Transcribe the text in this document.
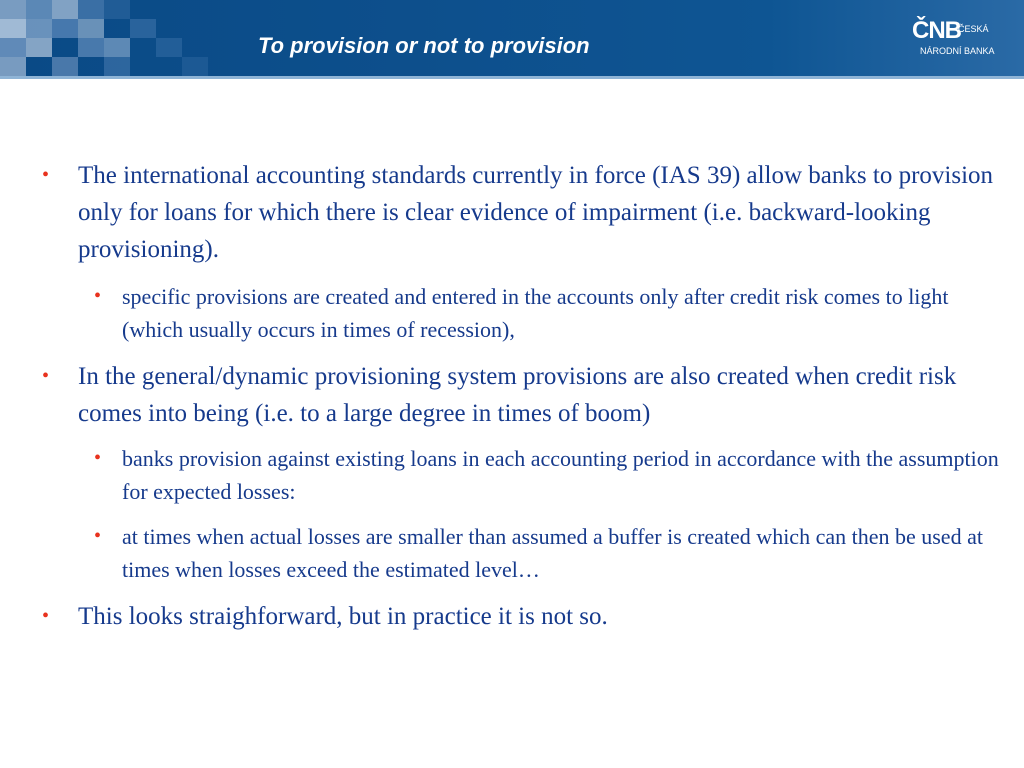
To provision or not to provision
ČNB
ČESKÁ
NÁRODNÍ BANKA
• The international accounting standards currently in force (IAS 39) allow banks to provision only for loans for which there is clear evidence of impairment (i.e. backward-looking provisioning).
• specific provisions are created and entered in the accounts only after credit risk comes to light (which usually occurs in times of recession),
• In the general/dynamic provisioning system provisions are also created when credit risk comes into being (i.e. to a large degree in times of boom)
• banks provision against existing loans in each accounting period in accordance with the assumption for expected losses:
• at times when actual losses are smaller than assumed a buffer is created which can then be used at times when losses exceed the estimated level…
• This looks straighforward, but in practice it is not so.
